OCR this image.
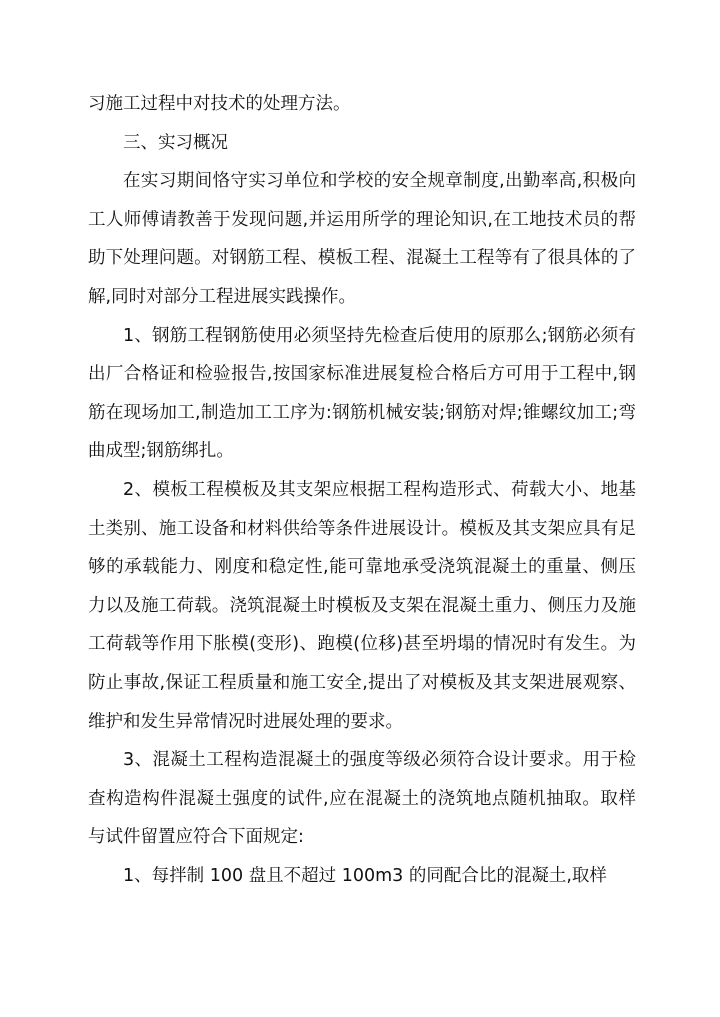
习施工过程中对技术的处理方法。

三、实习概况

在实习期间恪守实习单位和学校的安全规章制度,出勤率高,积极向工人师傅请教善于发现问题,并运用所学的理论知识,在工地技术员的帮助下处理问题。对钢筋工程、模板工程、混凝土工程等有了很具体的了解,同时对部分工程进展实践操作。

1、钢筋工程钢筋使用必须坚持先检查后使用的原那么;钢筋必须有出厂合格证和检验报告,按国家标准进展复检合格后方可用于工程中,钢筋在现场加工,制造加工工序为:钢筋机械安装;钢筋对焊;锥螺纹加工;弯曲成型;钢筋绑扎。

2、模板工程模板及其支架应根据工程构造形式、荷载大小、地基土类别、施工设备和材料供给等条件进展设计。模板及其支架应具有足够的承载能力、刚度和稳定性,能可靠地承受浇筑混凝土的重量、侧压力以及施工荷载。浇筑混凝土时模板及支架在混凝土重力、侧压力及施工荷载等作用下胀模(变形)、跑模(位移)甚至坍塌的情况时有发生。为防止事故,保证工程质量和施工安全,提出了对模板及其支架进展观察、维护和发生异常情况时进展处理的要求。

3、混凝土工程构造混凝土的强度等级必须符合设计要求。用于检查构造构件混凝土强度的试件,应在混凝土的浇筑地点随机抽取。取样与试件留置应符合下面规定:

1、每拌制 100 盘且不超过 100m3 的同配合比的混凝土,取样
